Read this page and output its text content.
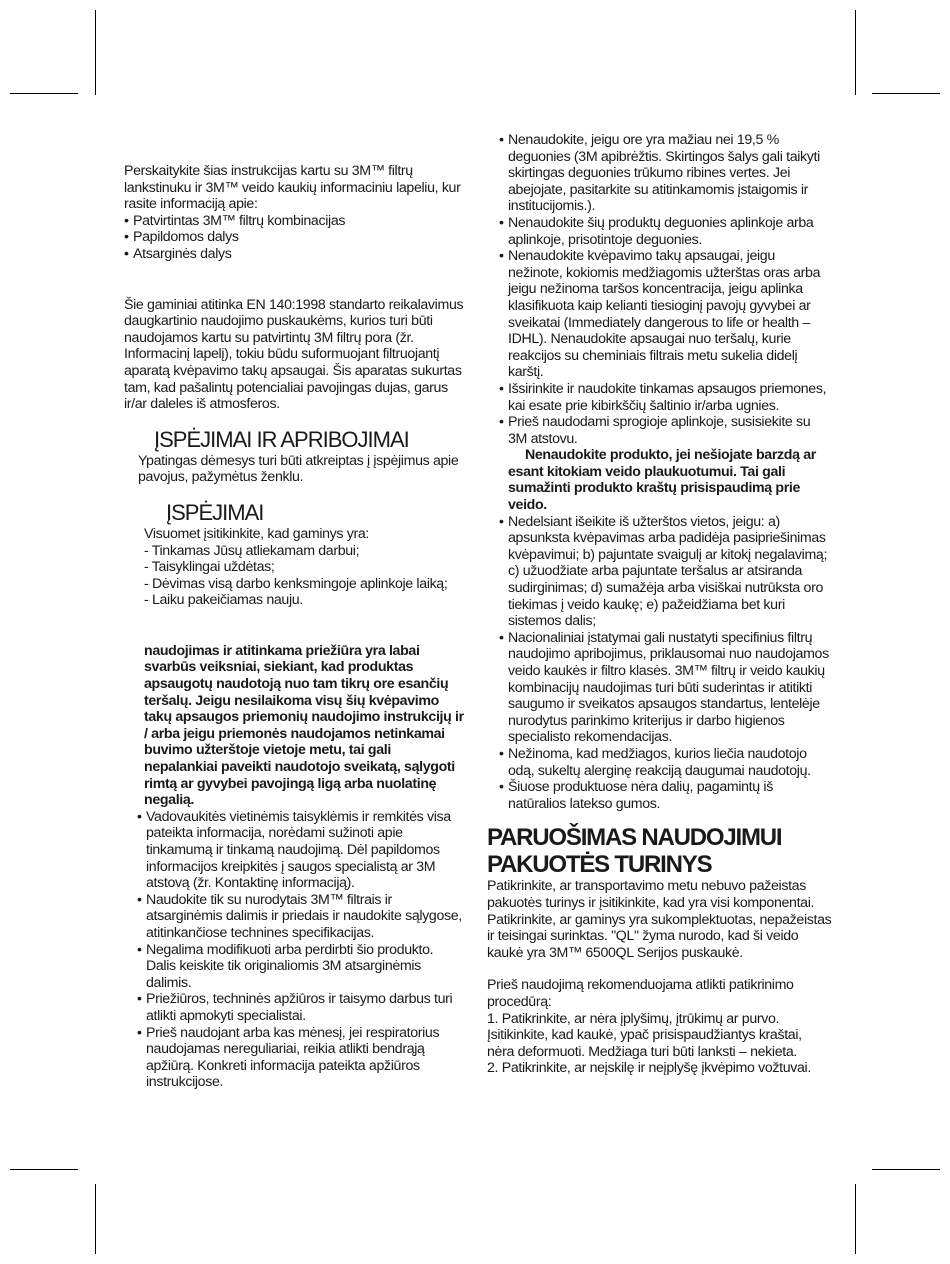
Perskaitykite šias instrukcijas kartu su 3M™ filtrų lankstinuku ir 3M™ veido kaukių informaciniu lapeliu, kur rasite informaciją apie:

• Patvirtintas 3M™ filtrų kombinacijas
• Papildomos dalys
• Atsarginės dalys

Šie gaminiai atitinka EN 140:1998 standarto reikalavimus daugkartinio naudojimo puskaukėms, kurios turi būti naudojamos kartu su patvirtintų 3M filtrų pora (žr. Informacinį lapelį), tokiu būdu suformuojant filtruojantį aparatą kvėpavimo takų apsaugai. Šis aparatas sukurtas tam, kad pašalintų potencialiai pavojingas dujas, garus ir/ar daleles iš atmosferos.

ĮSPĖJIMAI IR APRIBOJIMAI

Ypatingas dėmesys turi būti atkreiptas į įspėjimus apie pavojus, pažymėtus ženklu.

ĮSPĖJIMAI

Visuomet įsitikinkite, kad gaminys yra:

- Tinkamas Jūsų atliekamam darbui;
- Taisyklingai uždėtas;
- Dėvimas visą darbo kenksmingoje aplinkoje laiką;
- Laiku pakeičiamas nauju.

naudojimas ir atitinkama priežiūra yra labai svarbūs veiksniai, siekiant, kad produktas apsaugotų naudotoją nuo tam tikrų ore esančių teršalų. Jeigu nesilaikoma visų šių kvėpavimo takų apsaugos priemonių naudojimo instrukcijų ir / arba jeigu priemonės naudojamos netinkamai buvimo užterštoje vietoje metu, tai gali nepalankiai paveikti naudotojo sveikatą, sąlygoti rimtą ar gyvybei pavojingą ligą arba nuolatinę negalią.

• Vadovaukitės vietinėmis taisyklėmis ir remkitės visa pateikta informacija, norėdami sužinoti apie tinkamumą ir tinkamą naudojimą. Dėl papildomos informacijos kreipkitės į saugos specialistą ar 3M atstovą (žr. Kontaktinę informaciją).
• Naudokite tik su nurodytais 3M™ filtrais ir atsarginėmis dalimis ir priedais ir naudokite sąlygose, atitinkančiose technines specifikacijas.
• Negalima modifikuoti arba perdirbti šio produkto. Dalis keiskite tik originaliomis 3M atsarginėmis dalimis.
• Priežiūros, techninės apžiūros ir taisymo darbus turi atlikti apmokyti specialistai.
• Prieš naudojant arba kas mėnesį, jei respiratorius naudojamas nereguliariai, reikia atlikti bendrąją apžiūrą. Konkreti informacija pateikta apžiūros instrukcijose.
• Nenaudokite, jeigu ore yra mažiau nei 19,5 % deguonies (3M apibrėžtis. Skirtingos šalys gali taikyti skirtingas deguonies trūkumo ribines vertes. Jei abejojate, pasitarkite su atitinkamomis įstaigomis ir institucijomis.).
• Nenaudokite šių produktų deguonies aplinkoje arba aplinkoje, prisotintoje deguonies.
• Nenaudokite kvėpavimo takų apsaugai, jeigu nežinote, kokiomis medžiagomis užterštas oras arba jeigu nežinoma taršos koncentracija, jeigu aplinka klasifikuota kaip kelianti tiesioginį pavojų gyvybei ar sveikatai (Immediately dangerous to life or health – IDHL). Nenaudokite apsaugai nuo teršalų, kurie reakcijos su cheminiais filtrais metu sukelia didelį karštį.
• Išsirinkite ir naudokite tinkamas apsaugos priemones, kai esate prie kibirkščių šaltinio ir/arba ugnies.
• Prieš naudodami sprogioje aplinkoje, susisiekite su 3M atstovu.

Nenaudokite produkto, jei nešiojate barzdą ar esant kitokiam veido plaukuotumui. Tai gali sumažinti produkto kraštų prisispaudimą prie veido.

• Nedelsiant išeikite iš užterštos vietos, jeigu: a) apsunksta kvėpavimas arba padidėja pasipriešinimas kvėpavimui; b) pajuntate svaigulį ar kitokį negalavimą; c) užuodžiate arba pajuntate teršalus ar atsiranda sudirginimas; d) sumažėja arba visiškai nutrūksta oro tiekimas į veido kaukę; e) pažeidžiama bet kuri sistemos dalis;
• Nacionaliniai įstatymai gali nustatyti specifinius filtrų naudojimo apribojimus, priklausomai nuo naudojamos veido kaukės ir filtro klasės. 3M™ filtrų ir veido kaukių kombinacijų naudojimas turi būti suderintas ir atitikti saugumo ir sveikatos apsaugos standartus, lentelėje nurodytus parinkimo kriterijus ir darbo higienos specialisto rekomendacijas.
• Nežinoma, kad medžiagos, kurios liečia naudotojo odą, sukeltų alerginę reakciją daugumai naudotojų.
• Šiuose produktuose nėra dalių, pagamintų iš natūralios latekso gumos.
PARUOŠIMAS NAUDOJIMUI
PAKUOTĖS TURINYS

Patikrinkite, ar transportavimo metu nebuvo pažeistas pakuotės turinys ir įsitikinkite, kad yra visi komponentai. Patikrinkite, ar gaminys yra sukomplektuotas, nepažeistas ir teisingai surinktas. "QL" žyma nurodo, kad ši veido kaukė yra 3M™ 6500QL Serijos puskaukė.

Prieš naudojimą rekomenduojama atlikti patikrinimo procedūrą:

1. Patikrinkite, ar nėra įplyšimų, įtrūkimų ar purvo. Įsitikinkite, kad kaukė, ypač prisispaudžiantys kraštai, nėra deformuoti. Medžiaga turi būti lanksti – nekieta.

2. Patikrinkite, ar neįskilę ir neįplyšę įkvėpimo vožtuvai.
